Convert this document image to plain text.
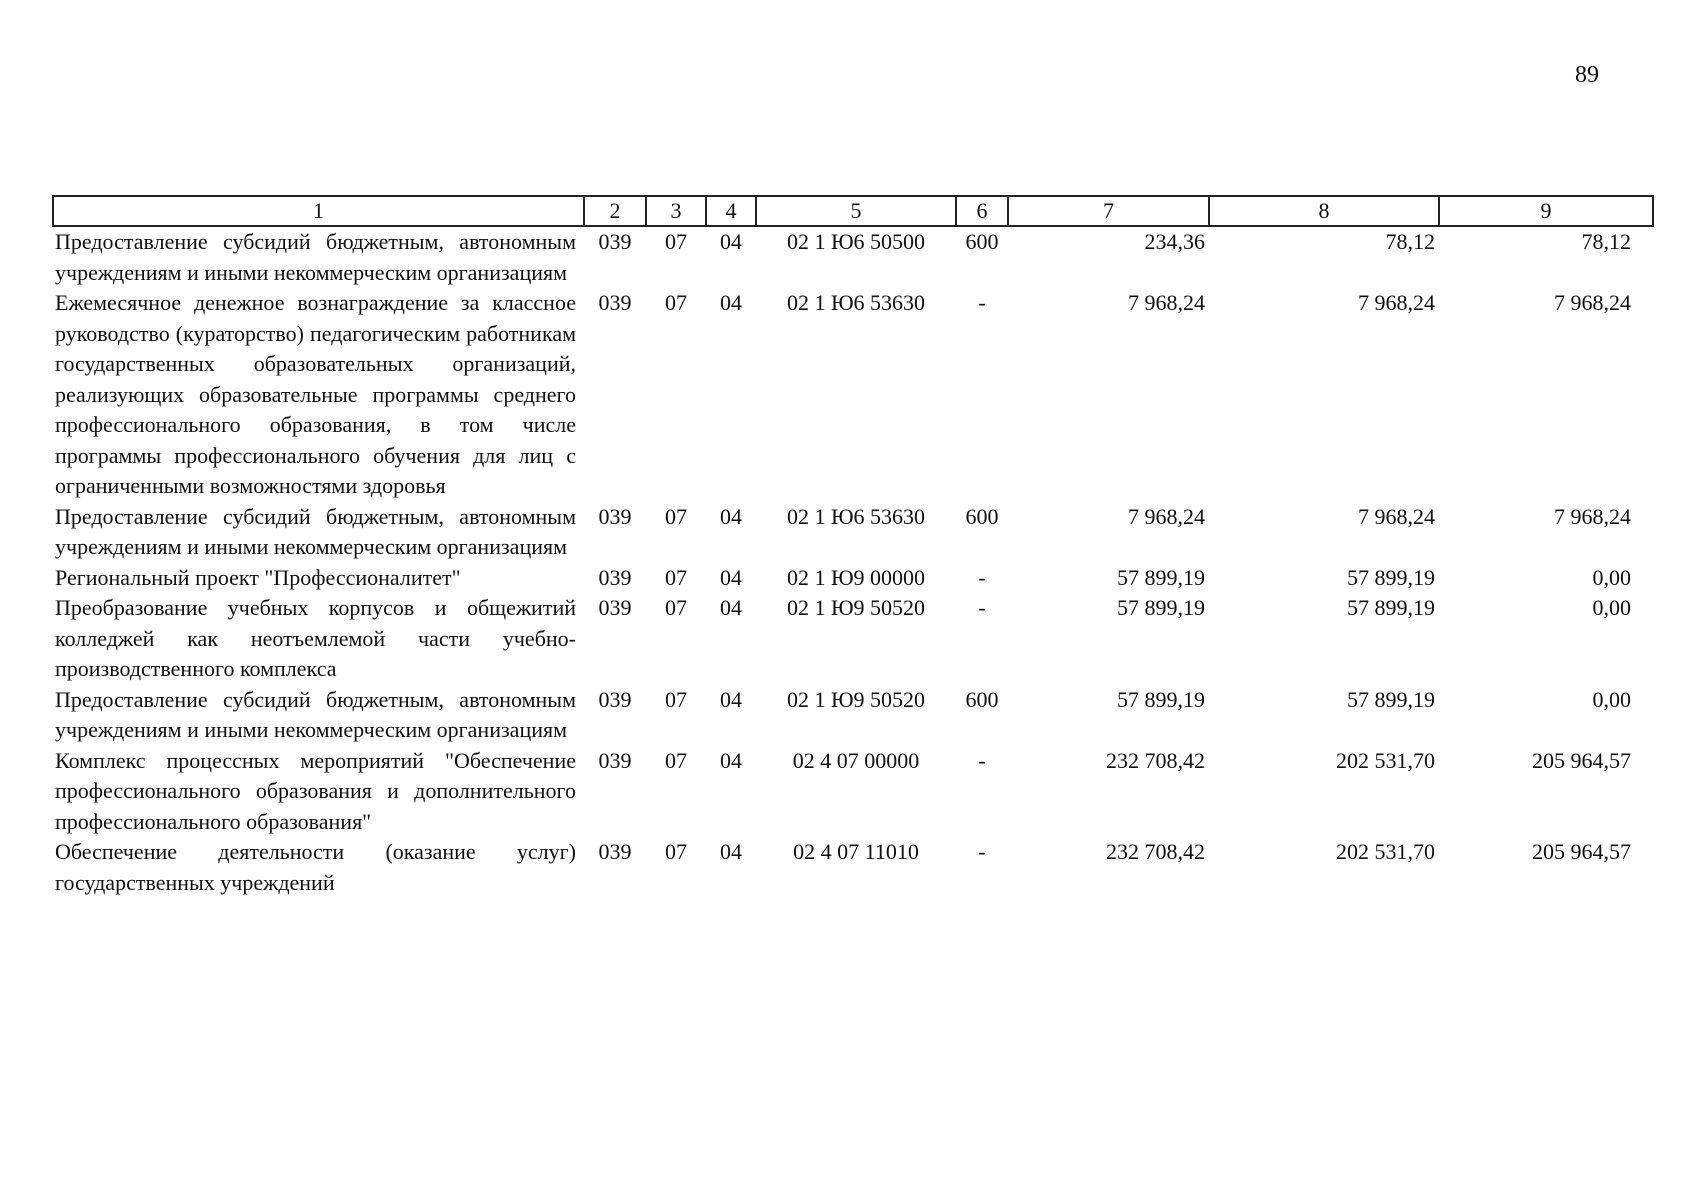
89
1	2	3	4	5	6	7	8	9
Предоставление субсидий бюджетным, автономным учреждениям и иными некоммерческим организациям	039	07	04	02 1 Ю6 50500	600	234,36	78,12	78,12
Ежемесячное денежное вознаграждение за классное руководство (кураторство) педагогическим работникам государственных образовательных организаций, реализующих образовательные программы среднего профессионального образования, в том числе программы профессионального обучения для лиц с ограниченными возможностями здоровья	039	07	04	02 1 Ю6 53630	-	7 968,24	7 968,24	7 968,24
Предоставление субсидий бюджетным, автономным учреждениям и иными некоммерческим организациям	039	07	04	02 1 Ю6 53630	600	7 968,24	7 968,24	7 968,24
Региональный проект "Профессионалитет"	039	07	04	02 1 Ю9 00000	-	57 899,19	57 899,19	0,00
Преобразование учебных корпусов и общежитий колледжей как неотъемлемой части учебно-производственного комплекса	039	07	04	02 1 Ю9 50520	-	57 899,19	57 899,19	0,00
Предоставление субсидий бюджетным, автономным учреждениям и иными некоммерческим организациям	039	07	04	02 1 Ю9 50520	600	57 899,19	57 899,19	0,00
Комплекс процессных мероприятий "Обеспечение профессионального образования и дополнительного профессионального образования"	039	07	04	02 4 07 00000	-	232 708,42	202 531,70	205 964,57
Обеспечение деятельности (оказание услуг) государственных учреждений	039	07	04	02 4 07 11010	-	232 708,42	202 531,70	205 964,57
